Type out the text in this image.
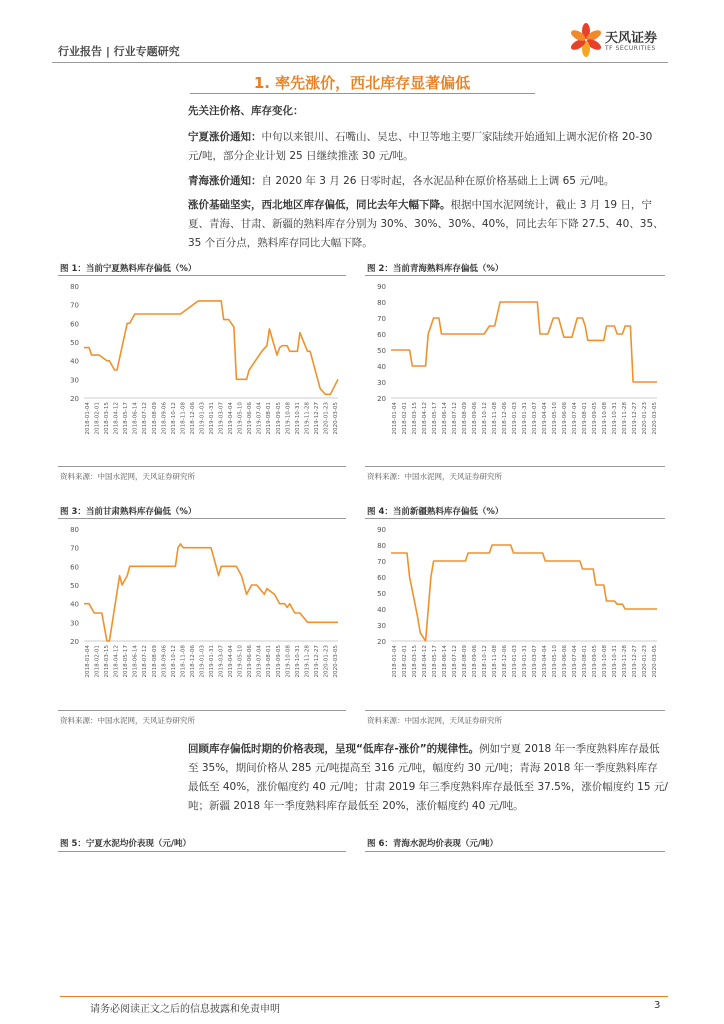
行业报告 | 行业专题研究
天风证券
TF SECURITIES
1. 率先涨价，西北库存显著偏低
先关注价格、库存变化：
宁夏涨价通知：中旬以来银川、石嘴山、吴忠、中卫等地主要厂家陆续开始通知上调水泥价格 20-30 元/吨，部分企业计划 25 日继续推涨 30 元/吨。
青海涨价通知：自 2020 年 3 月 26 日零时起，各水泥品种在原价格基础上上调 65 元/吨。
涨价基础坚实，西北地区库存偏低，同比去年大幅下降。根据中国水泥网统计，截止 3 月 19 日，宁夏、青海、甘肃、新疆的熟料库存分别为 30%、30%、30%、40%，同比去年下降 27.5、40、35、35 个百分点，熟料库存同比大幅下降。
图 1：当前宁夏熟料库存偏低（%）
20
30
40
50
60
70
80
2018-01-04 2018-02-01 2018-03-15 2018-04-12 2018-05-17 2018-06-14 2018-07-12 2018-08-09 2018-09-06 2018-10-12 2018-11-08 2018-12-06 2019-01-03 2019-01-31 2019-03-07 2019-04-04 2019-05-10 2019-06-06 2019-07-04 2019-08-01 2019-09-05 2019-10-08 2019-10-31 2019-11-28 2019-12-27 2020-01-23 2020-03-05
资料来源：中国水泥网，天风证券研究所
图 2：当前青海熟料库存偏低（%）
20
30
40
50
60
70
80
90
2018-01-04 2018-02-01 2018-03-15 2018-04-12 2018-05-17 2018-06-14 2018-07-12 2018-08-09 2018-09-06 2018-10-12 2018-11-08 2018-12-06 2019-01-03 2019-01-31 2019-03-07 2019-04-04 2019-05-10 2019-06-06 2019-07-04 2019-08-01 2019-09-05 2019-10-08 2019-10-31 2019-11-28 2019-12-27 2020-01-23 2020-03-05
资料来源：中国水泥网，天风证券研究所
图 3：当前甘肃熟料库存偏低（%）
20
30
40
50
60
70
80
2018-01-04 2018-02-01 2018-03-15 2018-04-12 2018-05-17 2018-06-14 2018-07-12 2018-08-09 2018-09-06 2018-10-12 2018-11-08 2018-12-06 2019-01-03 2019-01-31 2019-03-07 2019-04-04 2019-05-10 2019-06-06 2019-07-04 2019-08-01 2019-09-05 2019-10-08 2019-10-31 2019-11-28 2019-12-27 2020-01-23 2020-03-05
资料来源：中国水泥网，天风证券研究所
图 4：当前新疆熟料库存偏低（%）
20
30
40
50
60
70
80
90
2018-01-04 2018-02-01 2018-03-15 2018-04-12 2018-05-17 2018-06-14 2018-07-12 2018-08-09 2018-09-06 2018-10-12 2018-11-08 2018-12-06 2019-01-03 2019-01-31 2019-03-07 2019-04-04 2019-05-10 2019-06-06 2019-07-04 2019-08-01 2019-09-05 2019-10-08 2019-10-31 2019-11-28 2019-12-27 2020-01-23 2020-03-05
资料来源：中国水泥网，天风证券研究所
回顾库存偏低时期的价格表现，呈现“低库存-涨价”的规律性。例如宁夏 2018 年一季度熟料库存最低至 35%，期间价格从 285 元/吨提高至 316 元/吨，幅度约 30 元/吨；青海 2018 年一季度熟料库存最低至 40%，涨价幅度约 40 元/吨；甘肃 2019 年三季度熟料库存最低至 37.5%，涨价幅度约 15 元/吨；新疆 2018 年一季度熟料库存最低至 20%，涨价幅度约 40 元/吨。
图 5：宁夏水泥均价表现（元/吨）	图 6：青海水泥均价表现（元/吨）
请务必阅读正文之后的信息披露和免责申明	3
